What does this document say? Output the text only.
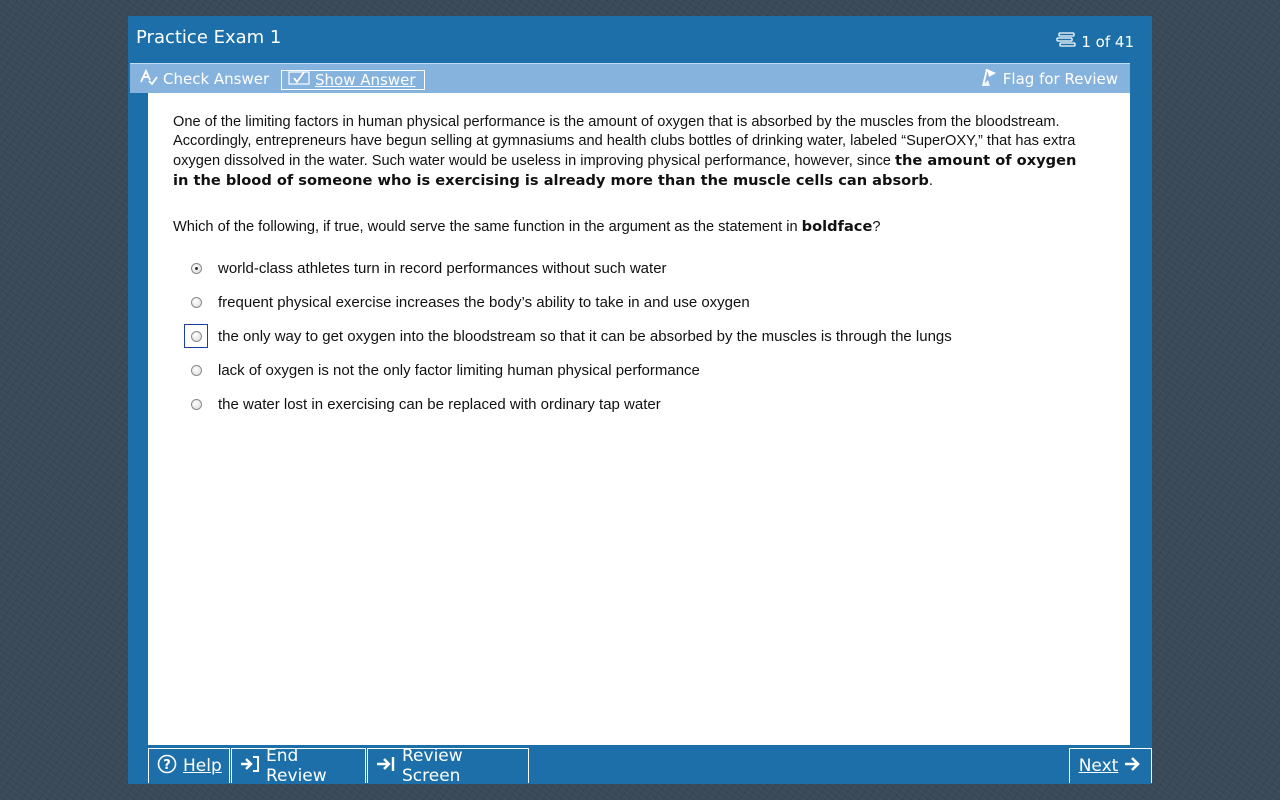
Practice Exam 1	1 of 41
Check Answer	Show Answer	Flag for Review
One of the limiting factors in human physical performance is the amount of oxygen that is absorbed by the muscles from the bloodstream. Accordingly, entrepreneurs have begun selling at gymnasiums and health clubs bottles of drinking water, labeled “SuperOXY,” that has extra oxygen dissolved in the water. Such water would be useless in improving physical performance, however, since the amount of oxygen in the blood of someone who is exercising is already more than the muscle cells can absorb.
Which of the following, if true, would serve the same function in the argument as the statement in boldface?
world-class athletes turn in record performances without such water
frequent physical exercise increases the body’s ability to take in and use oxygen
the only way to get oxygen into the bloodstream so that it can be absorbed by the muscles is through the lungs
lack of oxygen is not the only factor limiting human physical performance
the water lost in exercising can be replaced with ordinary tap water
? Help	End Review
Review Screen	Next
